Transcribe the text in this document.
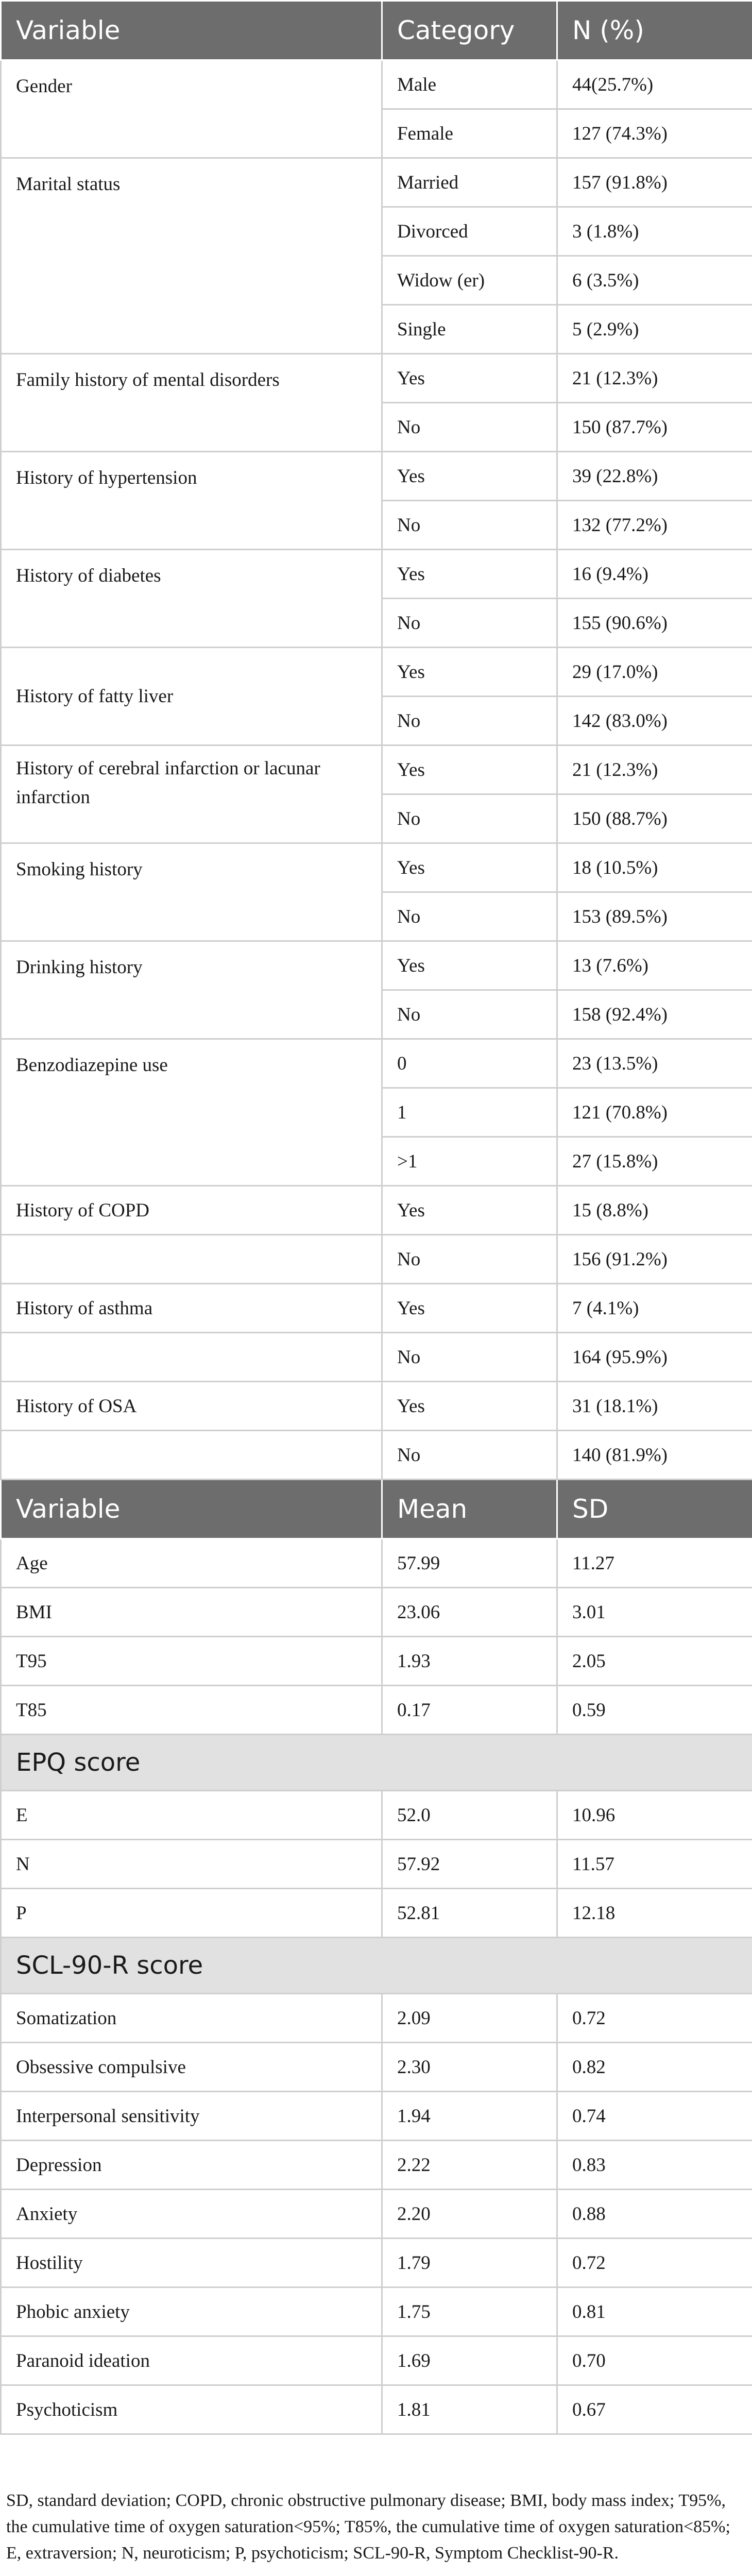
Variable	Category	N (%)
Gender	Male	44(25.7%)
	Female	127 (74.3%)
Marital status	Married	157 (91.8%)
	Divorced	3 (1.8%)
	Widow (er)	6 (3.5%)
	Single	5 (2.9%)
Family history of mental disorders	Yes	21 (12.3%)
	No	150 (87.7%)
History of hypertension	Yes	39 (22.8%)
	No	132 (77.2%)
History of diabetes	Yes	16 (9.4%)
	No	155 (90.6%)
History of fatty liver	Yes	29 (17.0%)
	No	142 (83.0%)
History of cerebral infarction or lacunar infarction	Yes	21 (12.3%)
	No	150 (88.7%)
Smoking history	Yes	18 (10.5%)
	No	153 (89.5%)
Drinking history	Yes	13 (7.6%)
	No	158 (92.4%)
Benzodiazepine use	0	23 (13.5%)
	1	121 (70.8%)
	>1	27 (15.8%)
History of COPD	Yes	15 (8.8%)
	No	156 (91.2%)
History of asthma	Yes	7 (4.1%)
	No	164 (95.9%)
History of OSA	Yes	31 (18.1%)
	No	140 (81.9%)
Variable	Mean	SD
Age	57.99	11.27
BMI	23.06	3.01
T95	1.93	2.05
T85	0.17	0.59
EPQ score		
E	52.0	10.96
N	57.92	11.57
P	52.81	12.18
SCL-90-R score		
Somatization	2.09	0.72
Obsessive compulsive	2.30	0.82
Interpersonal sensitivity	1.94	0.74
Depression	2.22	0.83
Anxiety	2.20	0.88
Hostility	1.79	0.72
Phobic anxiety	1.75	0.81
Paranoid ideation	1.69	0.70
Psychoticism	1.81	0.67
SD, standard deviation; COPD, chronic obstructive pulmonary disease; BMI, body mass index; T95%, the cumulative time of oxygen saturation<95%; T85%, the cumulative time of oxygen saturation<85%; E, extraversion; N, neuroticism; P, psychoticism; SCL-90-R, Symptom Checklist-90-R.
